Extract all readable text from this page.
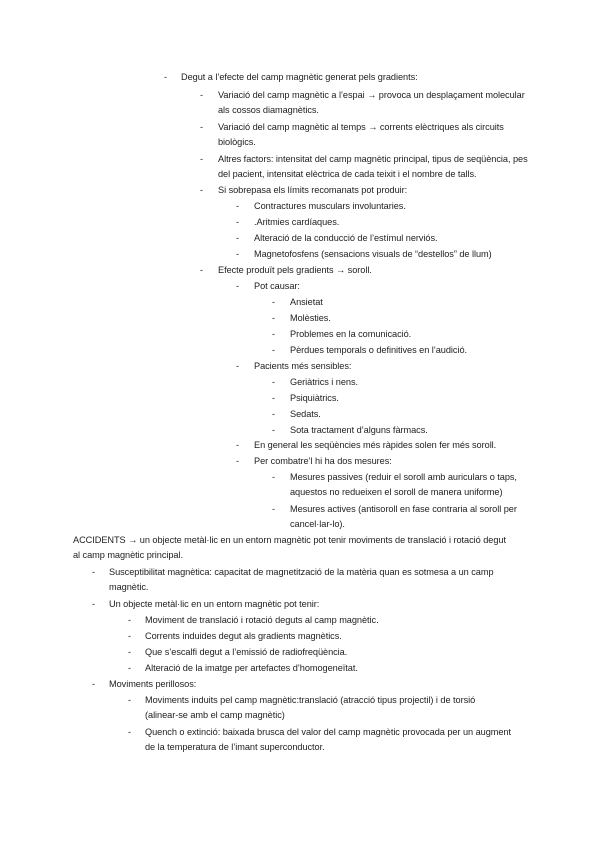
- Degut a l’efecte del camp magnètic generat pels gradients:
- Variació del camp magnètic a l’espai → provoca un desplaçament molecular
als cossos diamagnètics.
- Variació del camp magnètic al temps → corrents elèctriques als circuits
biològics.
- Altres factors: intensitat del camp magnètic principal, tipus de seqüència, pes
del pacient, intensitat elèctrica de cada teixit i el nombre de talls.
- Si sobrepasa els límits recomanats pot produir:
- Contractures musculars involuntaries.
- .Aritmies cardíaques.
- Alteració de la conducció de l’estímul nerviós.
- Magnetofosfens (sensacions visuals de “destellos” de llum)
- Efecte produït pels gradients → soroll.
- Pot causar:
- Ansietat
- Molèsties.
- Problemes en la comunicació.
- Pèrdues temporals o definitives en l’audició.
- Pacients més sensibles:
- Geriàtrics i nens.
- Psiquiàtrics.
- Sedats.
- Sota tractament d’alguns fàrmacs.
- En general les seqüències més ràpides solen fer més soroll.
- Per combatre’l hi ha dos mesures:
- Mesures passives (reduir el soroll amb auriculars o taps,
aquestos no redueixen el soroll de manera uniforme)
- Mesures actives (antisoroll en fase contraria al soroll per
cancel·lar-lo).
ACCIDENTS → un objecte metàl·lic en un entorn magnètic pot tenir moviments de translació i rotació degut
al camp magnètic principal.
- Susceptibilitat magnètica: capacitat de magnetització de la matèria quan es sotmesa a un camp
magnètic.
- Un objecte metàl·lic en un entorn magnètic pot tenir:
- Moviment de translació i rotació deguts al camp magnètic.
- Corrents induides degut als gradients magnètics.
- Que s’escalfi degut a l’emissió de radiofreqüència.
- Alteració de la imatge per artefactes d’homogeneïtat.
- Moviments perillosos:
- Moviments induits pel camp magnètic:translació (atracció tipus projectil) i de torsió
(alinear-se amb el camp magnètic)
- Quench o extinció: baixada brusca del valor del camp magnètic provocada per un augment
de la temperatura de l’imant superconductor.
